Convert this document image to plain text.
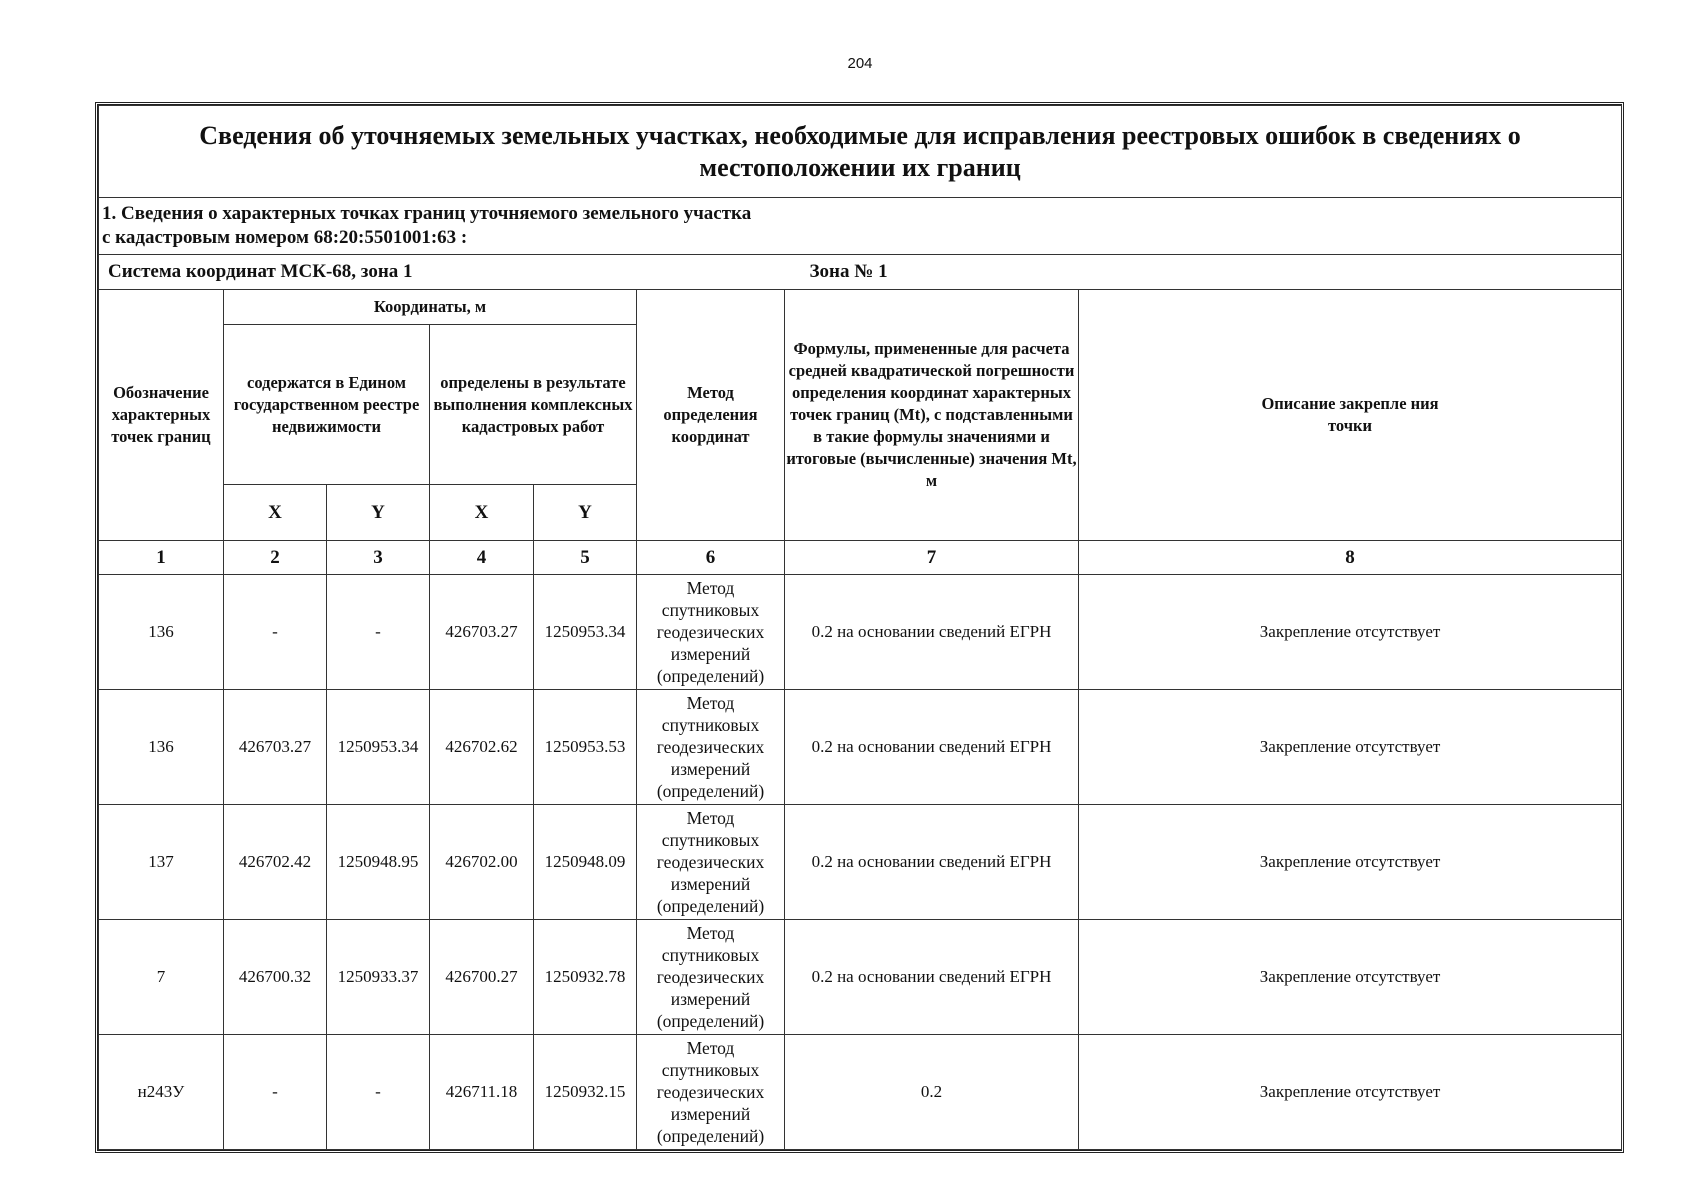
204
Сведения об уточняемых земельных участках, необходимые для исправления реестровых ошибок в сведениях о местоположении их границ							

1. Сведения о характерных точках границ уточняемого земельного участка
с кадастровым номером 68:20:5501001:63 :							

Система координат МСК-68, зона 1						Зона № 1	
Обозначение характерных точек границ	Координаты, м				Метод определения координат	Формулы, примененные для расчета средней квадратической погрешности определения координат характерных точек границ (Mt), с подставленными в такие формулы значениями и итоговые (вычисленные) значения Mt, м	Описание закрепле ния точки
	содержатся в Едином государственном реестре недвижимости		определены в результате выполнения комплексных кадастровых работ				
	X	Y	X	Y			
1	2	3	4	5	6	7	8
136	-	-	426703.27	1250953.34	Метод спутниковых геодезических измерений (определений)	0.2 на основании сведений ЕГРН	Закрепление отсутствует
136	426703.27	1250953.34	426702.62	1250953.53	Метод спутниковых геодезических измерений (определений)	0.2 на основании сведений ЕГРН	Закрепление отсутствует
137	426702.42	1250948.95	426702.00	1250948.09	Метод спутниковых геодезических измерений (определений)	0.2 на основании сведений ЕГРН	Закрепление отсутствует
7	426700.32	1250933.37	426700.27	1250932.78	Метод спутниковых геодезических измерений (определений)	0.2 на основании сведений ЕГРН	Закрепление отсутствует
н243У	-	-	426711.18	1250932.15	Метод спутниковых геодезических измерений (определений)	0.2	Закрепление отсутствует
